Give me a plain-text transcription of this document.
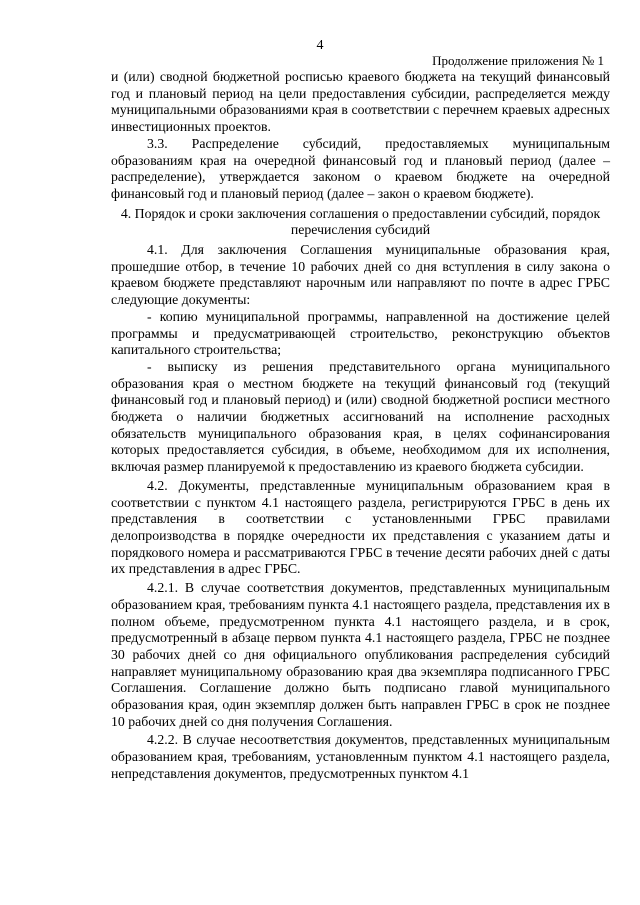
4
Продолжение приложения № 1

и (или) сводной бюджетной росписью краевого бюджета на текущий финансовый год и плановый период на цели предоставления субсидии, распределяется между муниципальными образованиями края в соответствии с перечнем краевых адресных инвестиционных проектов.

3.3. Распределение субсидий, предоставляемых муниципальным образованиям края на очередной финансовый год и плановый период (далее – распределение), утверждается законом о краевом бюджете на очередной финансовый год и плановый период (далее – закон о краевом бюджете).

4. Порядок и сроки заключения соглашения о предоставлении субсидий, порядок перечисления субсидий

4.1. Для заключения Соглашения муниципальные образования края, прошедшие отбор, в течение 10 рабочих дней со дня вступления в силу закона о краевом бюджете представляют нарочным или направляют по почте в адрес ГРБС следующие документы:

- копию муниципальной программы, направленной на достижение целей программы и предусматривающей строительство, реконструкцию объектов капитального строительства;

- выписку из решения представительного органа муниципального образования края о местном бюджете на текущий финансовый год (текущий финансовый год и плановый период) и (или) сводной бюджетной росписи местного бюджета о наличии бюджетных ассигнований на исполнение расходных обязательств муниципального образования края, в целях софинансирования которых предоставляется субсидия, в объеме, необходимом для их исполнения, включая размер планируемой к предоставлению из краевого бюджета субсидии.

4.2. Документы, представленные муниципальным образованием края в соответствии с пунктом 4.1 настоящего раздела, регистрируются ГРБС в день их представления в соответствии с установленными ГРБС правилами делопроизводства в порядке очередности их представления с указанием даты и порядкового номера и рассматриваются ГРБС в течение десяти рабочих дней с даты их представления в адрес ГРБС.

4.2.1. В случае соответствия документов, представленных муниципальным образованием края, требованиям пункта 4.1 настоящего раздела, представления их в полном объеме, предусмотренном пункта 4.1 настоящего раздела, и в срок, предусмотренный в абзаце первом пункта 4.1 настоящего раздела, ГРБС не позднее 30 рабочих дней со дня официального опубликования распределения субсидий направляет муниципальному образованию края два экземпляра подписанного ГРБС Соглашения. Соглашение должно быть подписано главой муниципального образования края, один экземпляр должен быть направлен ГРБС в срок не позднее 10 рабочих дней со дня получения Соглашения.

4.2.2. В случае несоответствия документов, представленных муниципальным образованием края, требованиям, установленным пунктом 4.1 настоящего раздела, непредставления документов, предусмотренных пунктом 4.1
